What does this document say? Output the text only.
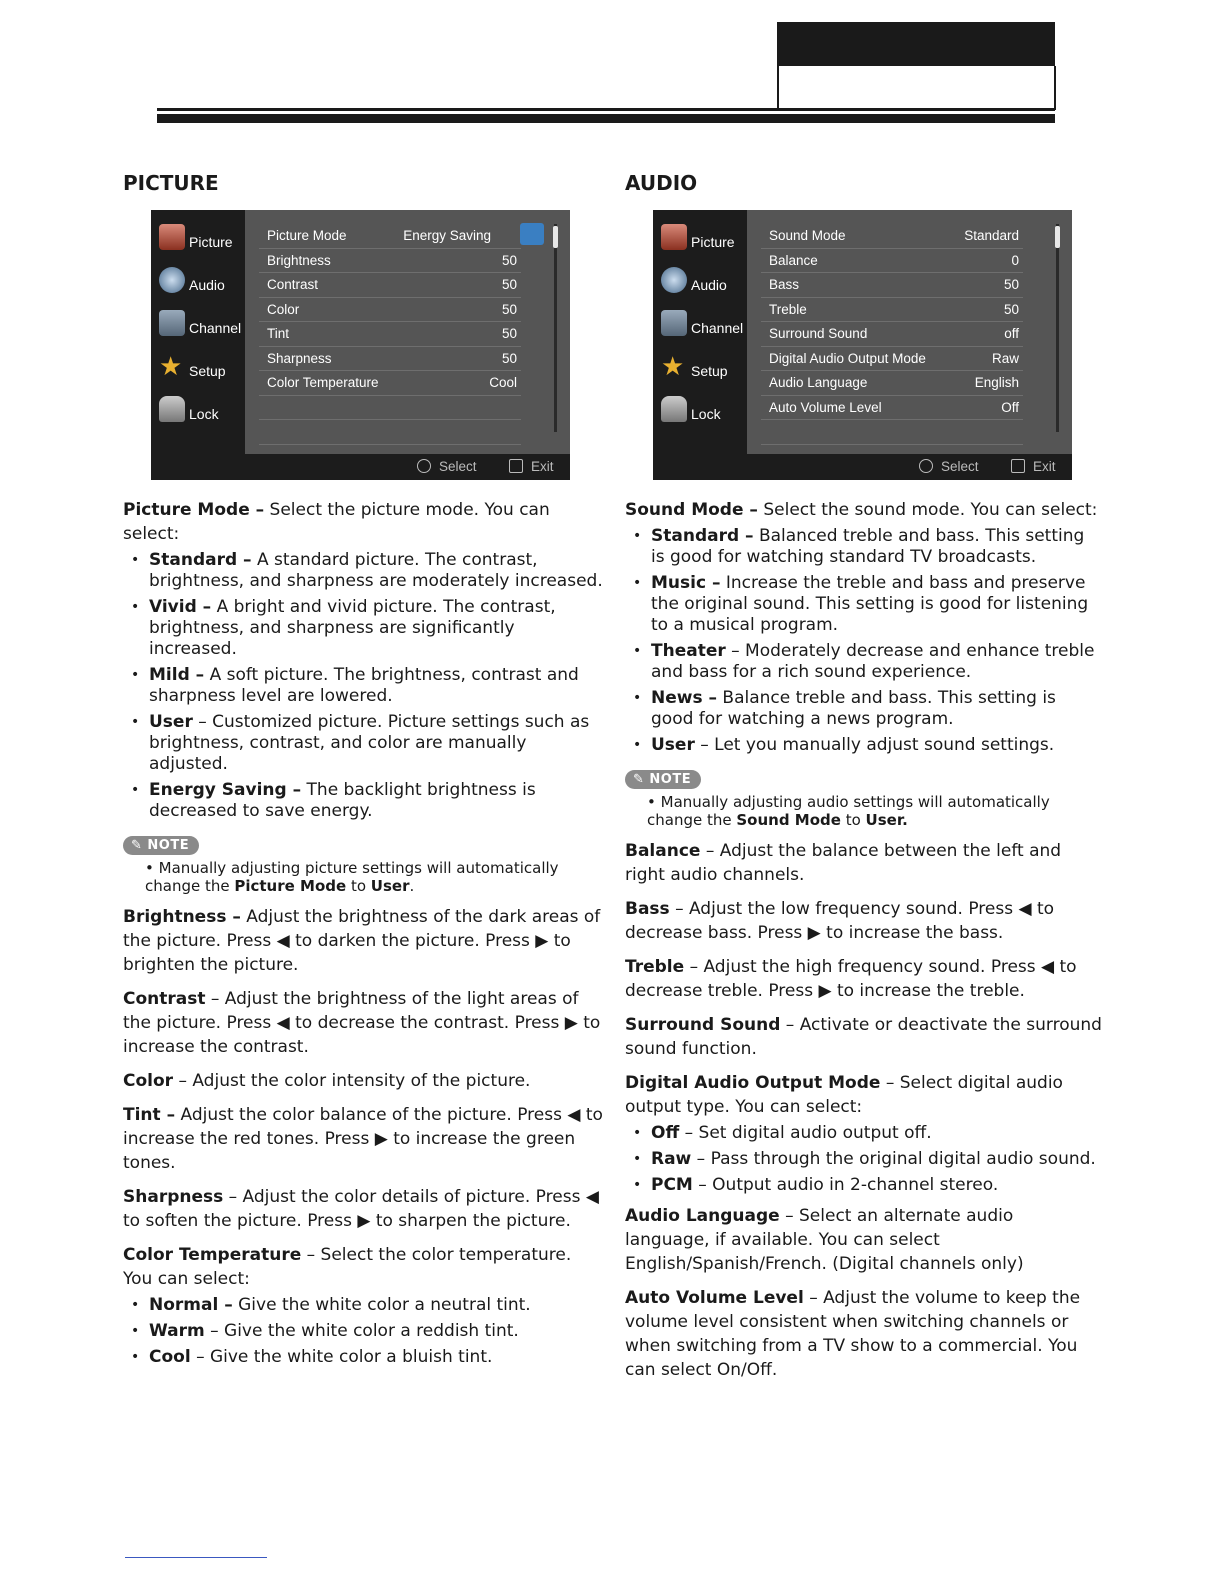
PICTURE
Picture
Audio
Channel
★ Setup
Lock
Picture Mode	Energy Saving
Brightness	50
Contrast	50
Color	50
Tint	50
Sharpness	50
Color Temperature	Cool
Select	Exit

Picture Mode – Select the picture mode. You can select:

• Standard – A standard picture. The contrast, brightness, and sharpness are moderately increased.
• Vivid – A bright and vivid picture. The contrast, brightness, and sharpness are significantly increased.
• Mild – A soft picture. The brightness, contrast and sharpness level are lowered.
• User – Customized picture. Picture settings such as brightness, contrast, and color are manually adjusted.
• Energy Saving – The backlight brightness is decreased to save energy.
✎ NOTE

• Manually adjusting picture settings will automatically change the Picture Mode to User.

Brightness – Adjust the brightness of the dark areas of the picture. Press ◀ to darken the picture. Press ▶ to brighten the picture.

Contrast – Adjust the brightness of the light areas of the picture. Press ◀ to decrease the contrast. Press ▶ to increase the contrast.

Color – Adjust the color intensity of the picture.

Tint – Adjust the color balance of the picture. Press ◀ to increase the red tones. Press ▶ to increase the green tones.

Sharpness – Adjust the color details of picture. Press ◀ to soften the picture. Press ▶ to sharpen the picture.

Color Temperature – Select the color temperature. You can select:

• Normal – Give the white color a neutral tint.
• Warm – Give the white color a reddish tint.
• Cool – Give the white color a bluish tint.
AUDIO
Picture
Audio
Channel
★ Setup
Lock
Sound Mode	Standard
Balance	0
Bass	50
Treble	50
Surround Sound	off
Digital Audio Output Mode	Raw
Audio Language	English
Auto Volume Level	Off
Select	Exit

Sound Mode – Select the sound mode. You can select:

• Standard – Balanced treble and bass. This setting is good for watching standard TV broadcasts.
• Music – Increase the treble and bass and preserve the original sound. This setting is good for listening to a musical program.
• Theater – Moderately decrease and enhance treble and bass for a rich sound experience.
• News – Balance treble and bass. This setting is good for watching a news program.
• User – Let you manually adjust sound settings.
✎ NOTE

• Manually adjusting audio settings will automatically change the Sound Mode to User.

Balance – Adjust the balance between the left and right audio channels.

Bass – Adjust the low frequency sound. Press ◀ to decrease bass. Press ▶ to increase the bass.

Treble – Adjust the high frequency sound. Press ◀ to decrease treble. Press ▶ to increase the treble.

Surround Sound – Activate or deactivate the surround sound function.

Digital Audio Output Mode – Select digital audio output type. You can select:

• Off – Set digital audio output off.
• Raw – Pass through the original digital audio sound.
• PCM – Output audio in 2-channel stereo.

Audio Language – Select an alternate audio language, if available. You can select English/Spanish/French. (Digital channels only)

Auto Volume Level – Adjust the volume to keep the volume level consistent when switching channels or when switching from a TV show to a commercial. You can select On/Off.
